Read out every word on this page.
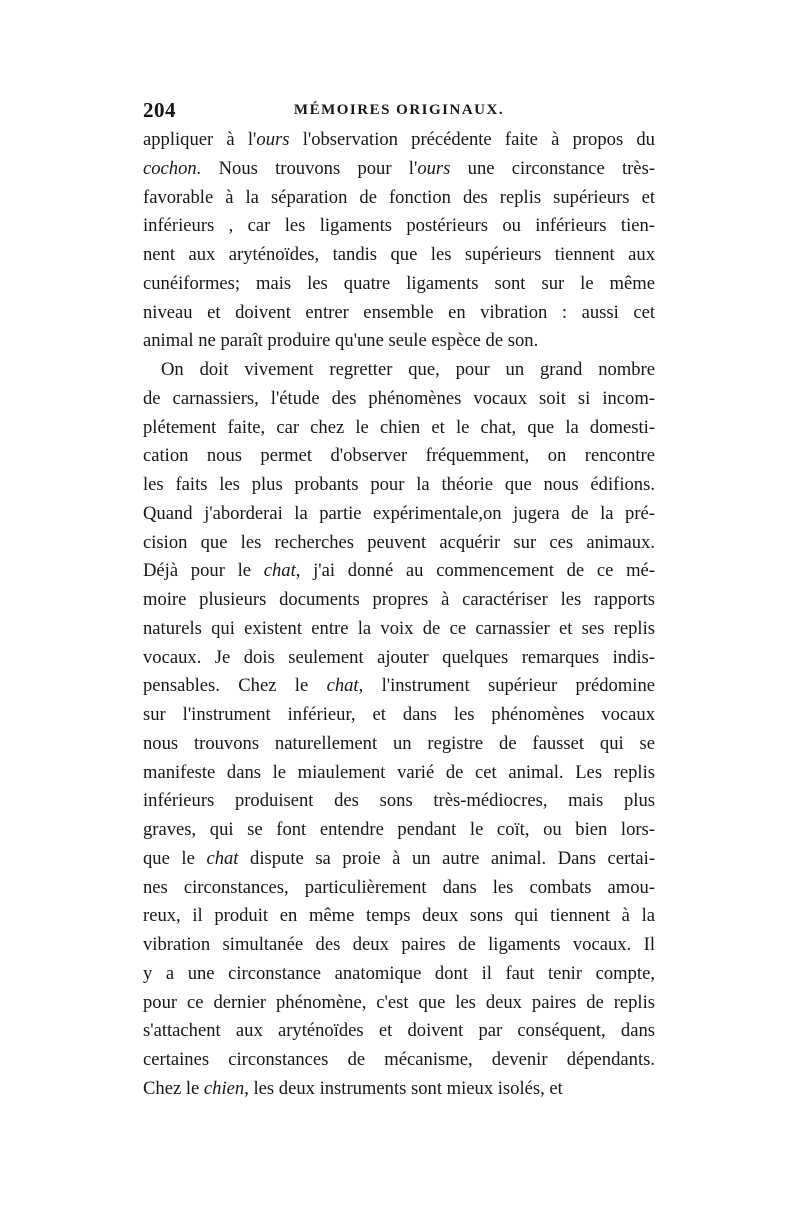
204	MÉMOIRES ORIGINAUX.
appliquer à l'ours l'observation précédente faite à propos du
cochon. Nous trouvons pour l'ours une circonstance très-
favorable à la séparation de fonction des replis supérieurs et
inférieurs , car les ligaments postérieurs ou inférieurs tien-
nent aux aryténoïdes, tandis que les supérieurs tiennent aux
cunéiformes; mais les quatre ligaments sont sur le même
niveau et doivent entrer ensemble en vibration : aussi cet
animal ne paraît produire qu'une seule espèce de son.
On doit vivement regretter que, pour un grand nombre
de carnassiers, l'étude des phénomènes vocaux soit si incom-
plétement faite, car chez le chien et le chat, que la domesti-
cation nous permet d'observer fréquemment, on rencontre
les faits les plus probants pour la théorie que nous édifions.
Quand j'aborderai la partie expérimentale,on jugera de la pré-
cision que les recherches peuvent acquérir sur ces animaux.
Déjà pour le chat, j'ai donné au commencement de ce mé-
moire plusieurs documents propres à caractériser les rapports
naturels qui existent entre la voix de ce carnassier et ses replis
vocaux. Je dois seulement ajouter quelques remarques indis-
pensables. Chez le chat, l'instrument supérieur prédomine
sur l'instrument inférieur, et dans les phénomènes vocaux
nous trouvons naturellement un registre de fausset qui se
manifeste dans le miaulement varié de cet animal. Les replis
inférieurs produisent des sons très-médiocres, mais plus
graves, qui se font entendre pendant le coït, ou bien lors-
que le chat dispute sa proie à un autre animal. Dans certai-
nes circonstances, particulièrement dans les combats amou-
reux, il produit en même temps deux sons qui tiennent à la
vibration simultanée des deux paires de ligaments vocaux. Il
y a une circonstance anatomique dont il faut tenir compte,
pour ce dernier phénomène, c'est que les deux paires de replis
s'attachent aux aryténoïdes et doivent par conséquent, dans
certaines circonstances de mécanisme, devenir dépendants.
Chez le chien, les deux instruments sont mieux isolés, et
